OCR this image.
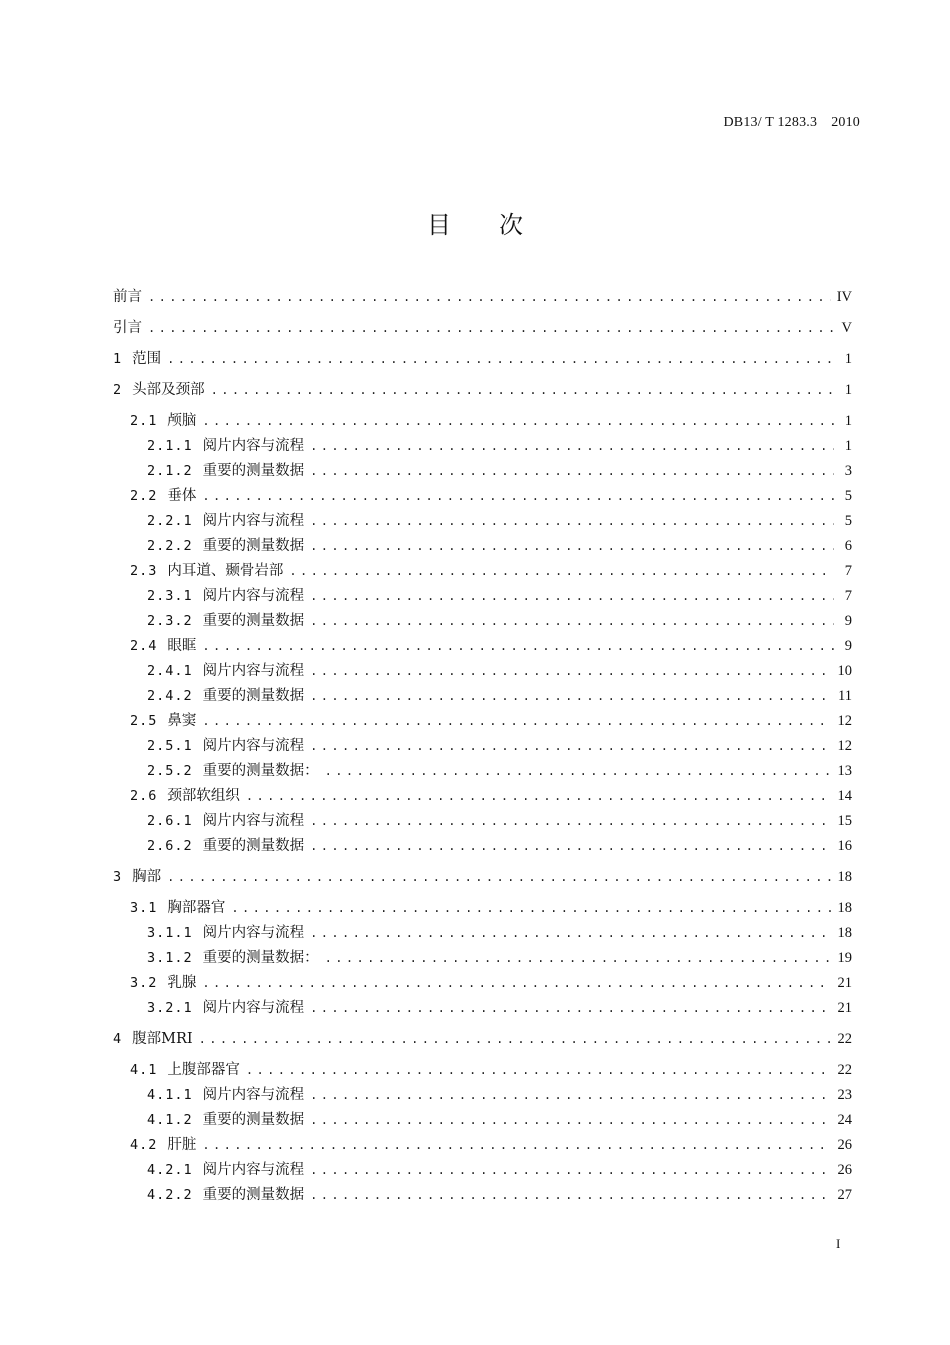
DB13/ T 1283.3 2010
目次
前言 .....	IV
引言 .....	V
1 范围 .....	1
2 头部及颈部 .....	1
2.1 颅脑 .....	1
2.1.1 阅片内容与流程 .....	1
2.1.2 重要的测量数据 .....	3
2.2 垂体 .....	5
2.2.1 阅片内容与流程 .....	5
2.2.2 重要的测量数据 .....	6
2.3 内耳道、颞骨岩部 .....	7
2.3.1 阅片内容与流程 .....	7
2.3.2 重要的测量数据 .....	9
2.4 眼眶 .....	9
2.4.1 阅片内容与流程 .....	10
2.4.2 重要的测量数据 .....	11
2.5 鼻窦 .....	12
2.5.1 阅片内容与流程 .....	12
2.5.2 重要的测量数据： .....	13
2.6 颈部软组织 .....	14
2.6.1 阅片内容与流程 .....	15
2.6.2 重要的测量数据 .....	16
3 胸部 .....	18
3.1 胸部器官 .....	18
3.1.1 阅片内容与流程 .....	18
3.1.2 重要的测量数据： .....	19
3.2 乳腺 .....	21
3.2.1 阅片内容与流程 .....	21
4 腹部MRI .....	22
4.1 上腹部器官 .....	22
4.1.1 阅片内容与流程 .....	23
4.1.2 重要的测量数据 .....	24
4.2 肝脏 .....	26
4.2.1 阅片内容与流程 .....	26
4.2.2 重要的测量数据 .....	27
I
